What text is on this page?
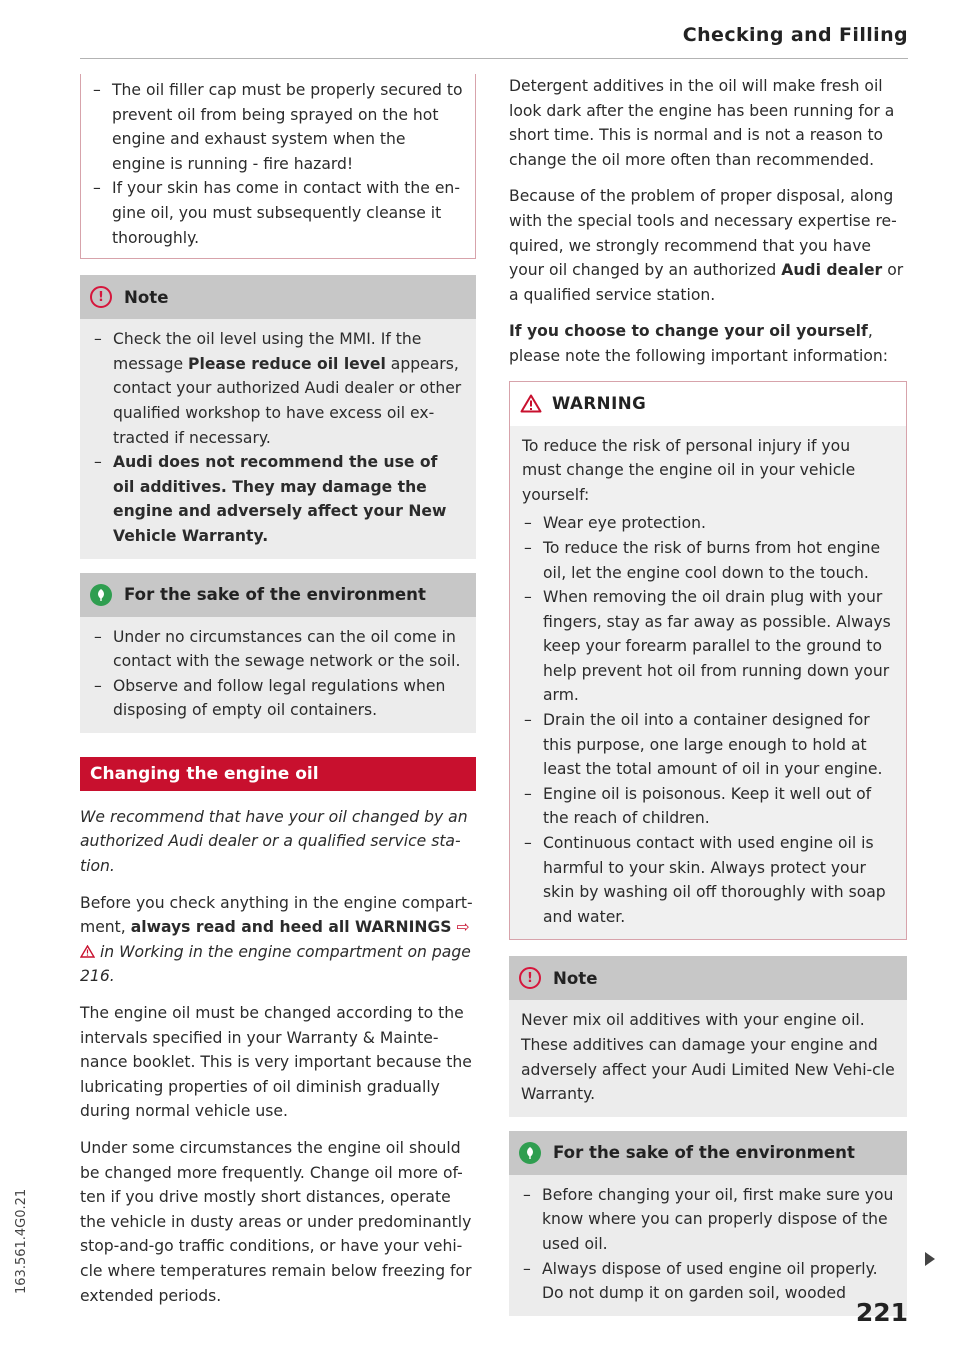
Checking and Filling
– The oil filler cap must be properly secured to prevent oil from being sprayed on the hot engine and exhaust system when the engine is running - fire hazard!
– If your skin has come in contact with the en-gine oil, you must subsequently cleanse it thoroughly.
!	Note
– Check the oil level using the MMI. If the message Please reduce oil level appears, contact your authorized Audi dealer or other qualified workshop to have excess oil ex-tracted if necessary.
– Audi does not recommend the use of oil additives. They may damage the engine and adversely affect your New Vehicle Warranty.
For the sake of the environment
– Under no circumstances can the oil come in contact with the sewage network or the soil.
– Observe and follow legal regulations when disposing of empty oil containers.
Changing the engine oil

We recommend that have your oil changed by an authorized Audi dealer or a qualified service sta-tion.

Before you check anything in the engine compart-ment, always read and heed all WARNINGS ⇨  in Working in the engine compartment on page 216.

The engine oil must be changed according to the intervals specified in your Warranty & Mainte-nance booklet. This is very important because the lubricating properties of oil diminish gradually during normal vehicle use.

Under some circumstances the engine oil should be changed more frequently. Change oil more of-ten if you drive mostly short distances, operate the vehicle in dusty areas or under predominantly stop-and-go traffic conditions, or have your vehi-cle where temperatures remain below freezing for extended periods.

Detergent additives in the oil will make fresh oil look dark after the engine has been running for a short time. This is normal and is not a reason to change the oil more often than recommended.

Because of the problem of proper disposal, along with the special tools and necessary expertise re-quired, we strongly recommend that you have your oil changed by an authorized Audi dealer or a qualified service station.

If you choose to change your oil yourself, please note the following important information:

WARNING

To reduce the risk of personal injury if you must change the engine oil in your vehicle yourself:

– Wear eye protection.
– To reduce the risk of burns from hot engine oil, let the engine cool down to the touch.
– When removing the oil drain plug with your fingers, stay as far away as possible. Always keep your forearm parallel to the ground to help prevent hot oil from running down your arm.
– Drain the oil into a container designed for this purpose, one large enough to hold at least the total amount of oil in your engine.
– Engine oil is poisonous. Keep it well out of the reach of children.
– Continuous contact with used engine oil is harmful to your skin. Always protect your skin by washing oil off thoroughly with soap and water.
!	Note

Never mix oil additives with your engine oil. These additives can damage your engine and adversely affect your Audi Limited New Vehi-cle Warranty.

For the sake of the environment
– Before changing your oil, first make sure you know where you can properly dispose of the used oil.
– Always dispose of used engine oil properly. Do not dump it on garden soil, wooded
221
163.561.4G0.21
